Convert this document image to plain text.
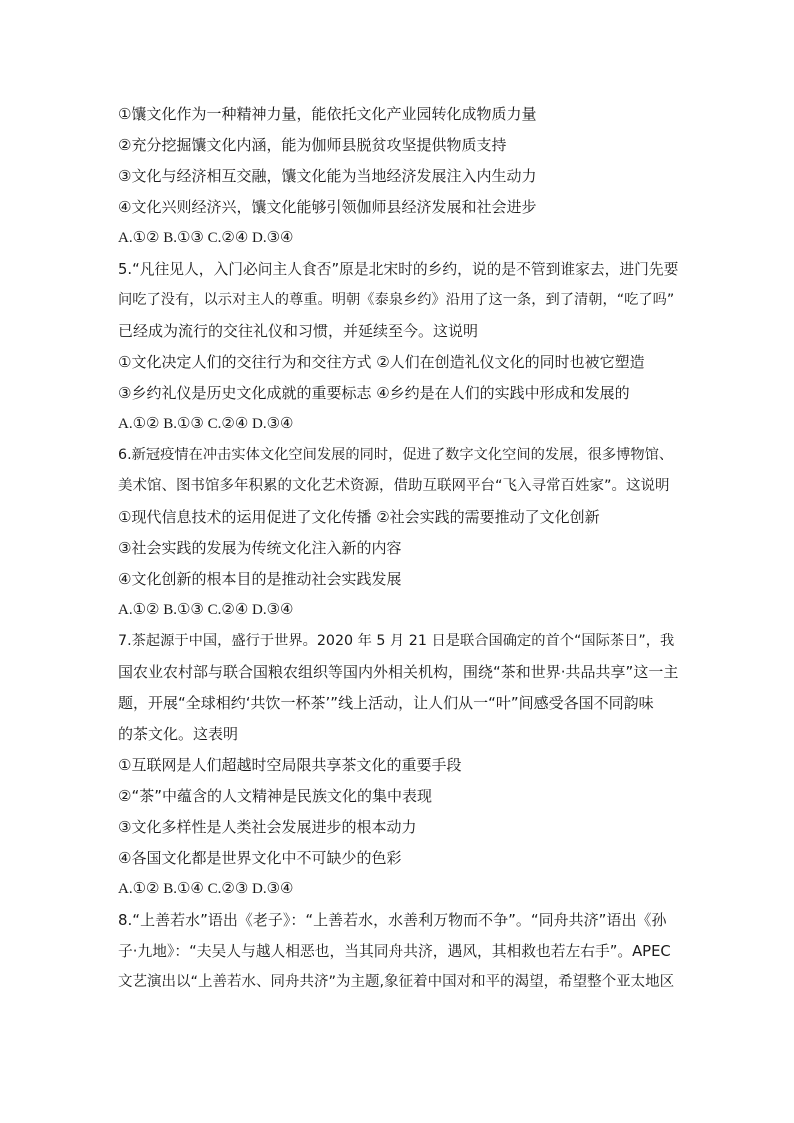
①馕文化作为一种精神力量，能依托文化产业园转化成物质力量
②充分挖掘馕文化内涵，能为伽师县脱贫攻坚提供物质支持
③文化与经济相互交融，馕文化能为当地经济发展注入内生动力
④文化兴则经济兴，馕文化能够引领伽师县经济发展和社会进步
A.①② B.①③ C.②④ D.③④
5.“凡往见人，入门必问主人食否”原是北宋时的乡约，说的是不管到谁家去，进门先要
问吃了没有，以示对主人的尊重。明朝《泰泉乡约》沿用了这一条，到了清朝，“吃了吗”
已经成为流行的交往礼仪和习惯，并延续至今。这说明
①文化决定人们的交往行为和交往方式 ②人们在创造礼仪文化的同时也被它塑造
③乡约礼仪是历史文化成就的重要标志 ④乡约是在人们的实践中形成和发展的
A.①② B.①③ C.②④ D.③④
6.新冠疫情在冲击实体文化空间发展的同时，促进了数字文化空间的发展，很多博物馆、
美术馆、图书馆多年积累的文化艺术资源，借助互联网平台“飞入寻常百姓家”。这说明
①现代信息技术的运用促进了文化传播 ②社会实践的需要推动了文化创新
③社会实践的发展为传统文化注入新的内容
④文化创新的根本目的是推动社会实践发展
A.①② B.①③ C.②④ D.③④
7.茶起源于中国，盛行于世界。2020 年 5 月 21 日是联合国确定的首个“国际茶日”，我
国农业农村部与联合国粮农组织等国内外相关机构，围绕“茶和世界·共品共享”这一主
题，开展“全球相约‘共饮一杯茶’”线上活动，让人们从一“叶”间感受各国不同韵味
的茶文化。这表明
①互联网是人们超越时空局限共享茶文化的重要手段
②“茶”中蕴含的人文精神是民族文化的集中表现
③文化多样性是人类社会发展进步的根本动力
④各国文化都是世界文化中不可缺少的色彩
A.①② B.①④ C.②③ D.③④
8.“上善若水”语出《老子》：“上善若水，水善利万物而不争”。“同舟共济”语出《孙
子·九地》：“夫吴人与越人相恶也，当其同舟共济，遇风，其相救也若左右手”。APEC
文艺演出以“上善若水、同舟共济”为主题,象征着中国对和平的渴望，希望整个亚太地区
